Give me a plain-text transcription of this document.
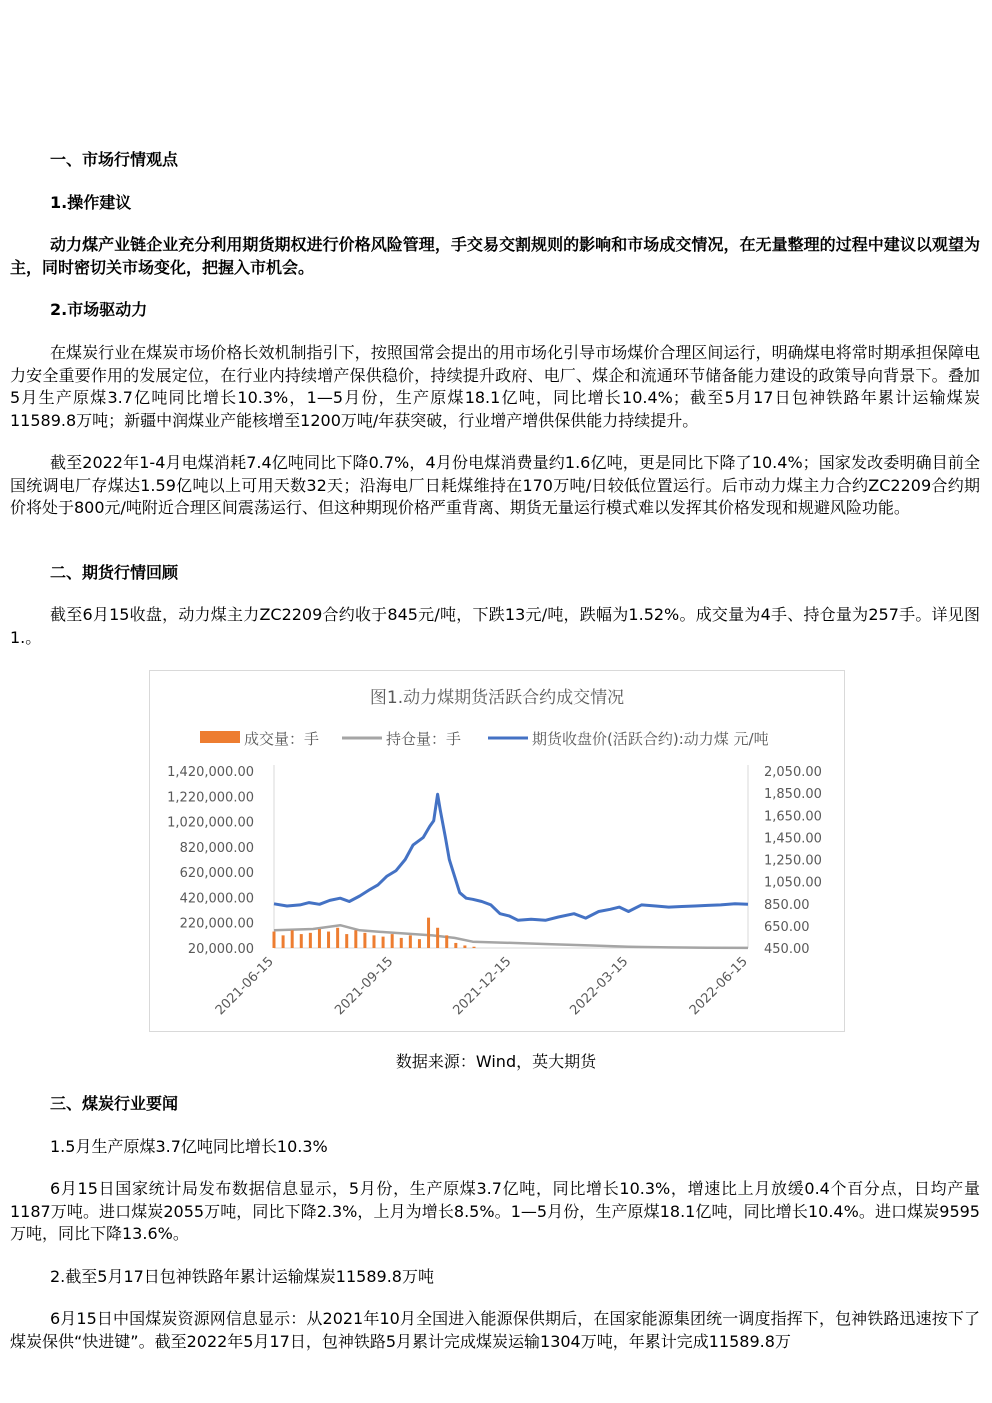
一、市场行情观点
1.操作建议
动力煤产业链企业充分利用期货期权进行价格风险管理，手交易交割规则的影响和市场成交情况，在无量整理的过程中建议以观望为主，同时密切关市场变化，把握入市机会。
2.市场驱动力
在煤炭行业在煤炭市场价格长效机制指引下，按照国常会提出的用市场化引导市场煤价合理区间运行，明确煤电将常时期承担保障电力安全重要作用的发展定位，在行业内持续增产保供稳价，持续提升政府、电厂、煤企和流通环节储备能力建设的政策导向背景下。叠加5月生产原煤3.7亿吨同比增长10.3%，1—5月份，生产原煤18.1亿吨，同比增长10.4%；截至5月17日包神铁路年累计运输煤炭11589.8万吨；新疆中润煤业产能核增至1200万吨/年获突破，行业增产增供保供能力持续提升。
截至2022年1-4月电煤消耗7.4亿吨同比下降0.7%，4月份电煤消费量约1.6亿吨，更是同比下降了10.4%；国家发改委明确目前全国统调电厂存煤达1.59亿吨以上可用天数32天；沿海电厂日耗煤维持在170万吨/日较低位置运行。后市动力煤主力合约ZC2209合约期价将处于800元/吨附近合理区间震荡运行、但这种期现价格严重背离、期货无量运行模式难以发挥其价格发现和规避风险功能。
二、期货行情回顾
截至6月15收盘，动力煤主力ZC2209合约收于845元/吨，下跌13元/吨，跌幅为1.52%。成交量为4手、持仓量为257手。详见图1.。
图1.动力煤期货活跃合约成交情况
成交量：手	持仓量：手	期货收盘价(活跃合约):动力煤 元/吨
20,000.00
220,000.00
420,000.00
620,000.00
820,000.00
1,020,000.00
1,220,000.00
1,420,000.00
450.00
650.00
850.00
1,050.00
1,250.00
1,450.00
1,650.00
1,850.00
2,050.00
2021-06-15	2021-09-15	2021-12-15	2022-03-15	2022-06-15
数据来源：Wind，英大期货
三、煤炭行业要闻
1.5月生产原煤3.7亿吨同比增长10.3%
6月15日国家统计局发布数据信息显示，5月份，生产原煤3.7亿吨，同比增长10.3%，增速比上月放缓0.4个百分点，日均产量1187万吨。进口煤炭2055万吨，同比下降2.3%，上月为增长8.5%。1—5月份，生产原煤18.1亿吨，同比增长10.4%。进口煤炭9595万吨，同比下降13.6%。
2.截至5月17日包神铁路年累计运输煤炭11589.8万吨
6月15日中国煤炭资源网信息显示：从2021年10月全国进入能源保供期后，在国家能源集团统一调度指挥下，包神铁路迅速按下了煤炭保供“快进键”。截至2022年5月17日，包神铁路5月累计完成煤炭运输1304万吨，年累计完成11589.8万
